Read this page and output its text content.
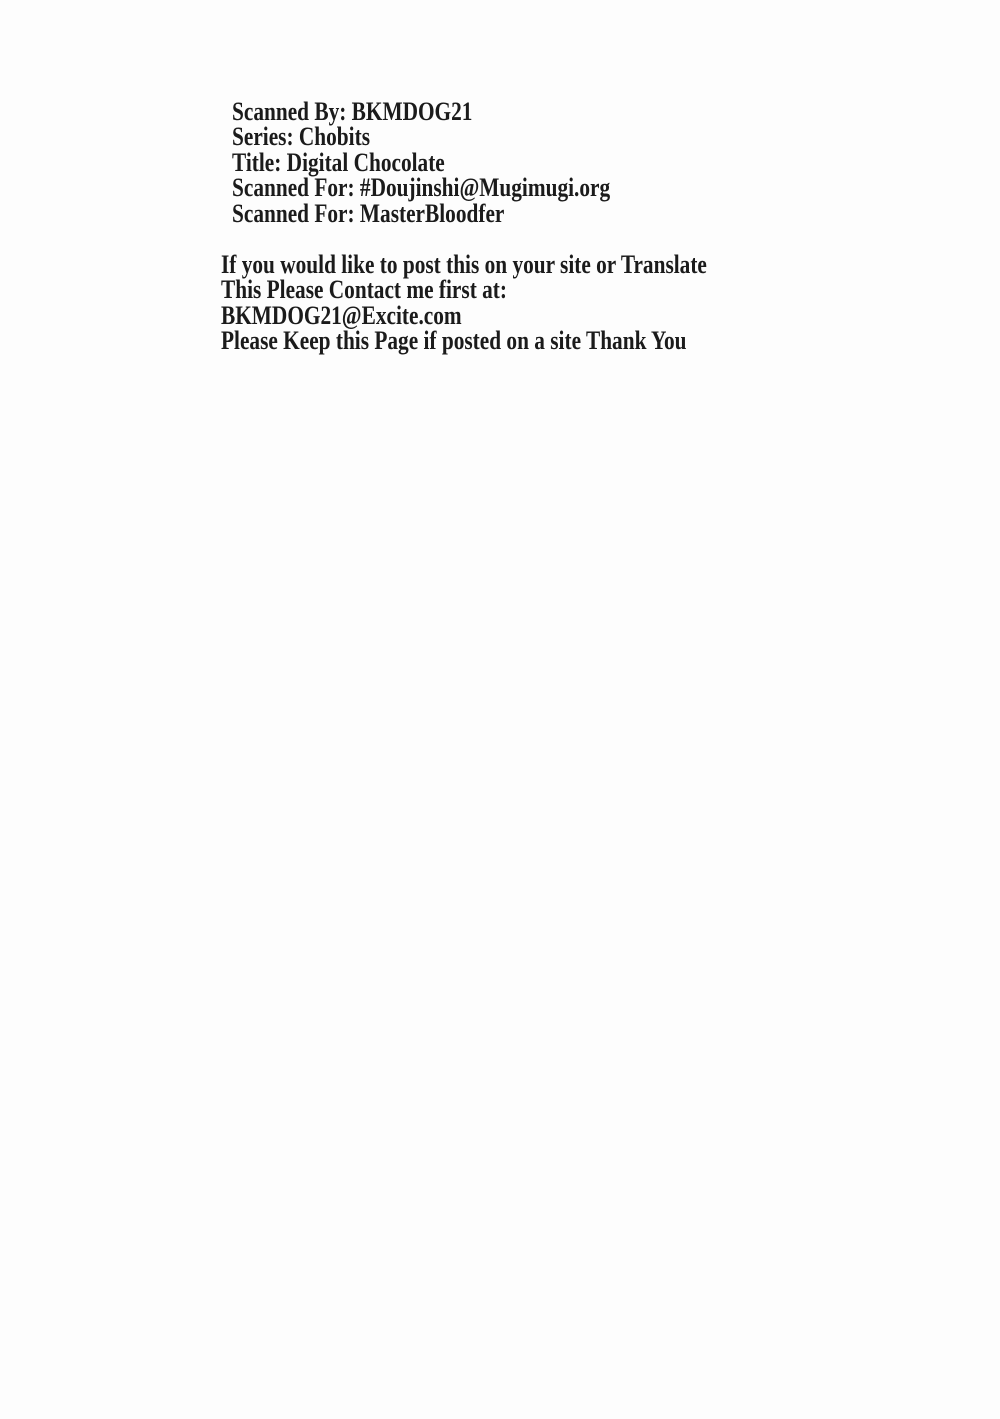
Scanned By: BKMDOG21
Series: Chobits
Title: Digital Chocolate
Scanned For: #Doujinshi@Mugimugi.org
Scanned For: MasterBloodfer
If you would like to post this on your site or Translate
This Please Contact me first at:
BKMDOG21@Excite.com
Please Keep this Page if posted on a site Thank You
